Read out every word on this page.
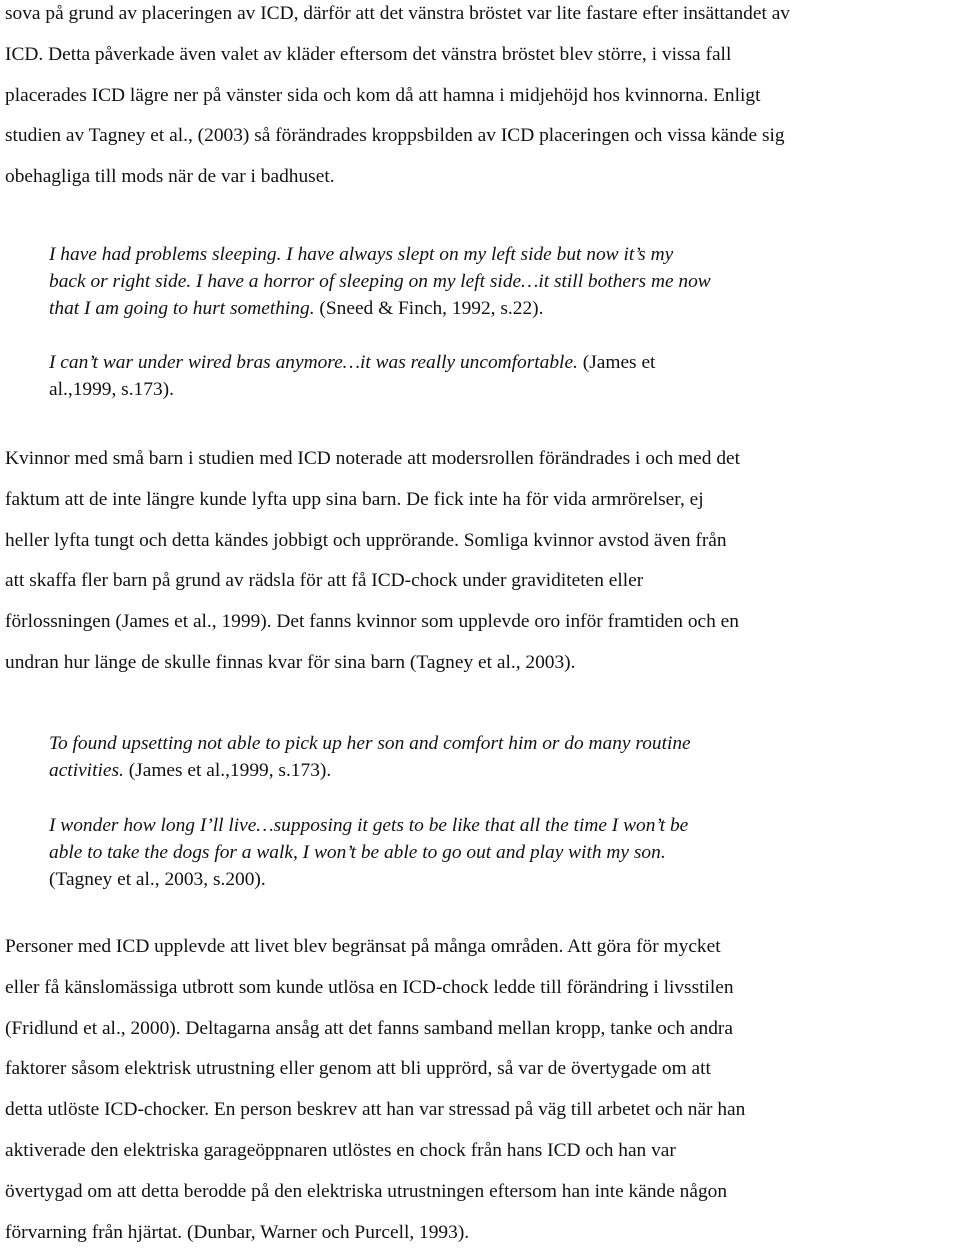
sova på grund av placeringen av ICD, därför att det vänstra bröstet var lite fastare efter insättandet av
ICD. Detta påverkade även valet av kläder eftersom det vänstra bröstet blev större, i vissa fall
placerades ICD lägre ner på vänster sida och kom då att hamna i midjehöjd hos kvinnorna. Enligt
studien av Tagney et al., (2003) så förändrades kroppsbilden av ICD placeringen och vissa kände sig
obehagliga till mods när de var i badhuset.
I have had problems sleeping. I have always slept on my left side but now it’s my
back or right side. I have a horror of sleeping on my left side…it still bothers me now
that I am going to hurt something. (Sneed & Finch, 1992, s.22).
I can’t war under wired bras anymore…it was really uncomfortable. (James et
al.,1999, s.173).
Kvinnor med små barn i studien med ICD noterade att modersrollen förändrades i och med det
faktum att de inte längre kunde lyfta upp sina barn. De fick inte ha för vida armrörelser, ej
heller lyfta tungt och detta kändes jobbigt och upprörande. Somliga kvinnor avstod även från
att skaffa fler barn på grund av rädsla för att få ICD-chock under graviditeten eller
förlossningen (James et al., 1999). Det fanns kvinnor som upplevde oro inför framtiden och en
undran hur länge de skulle finnas kvar för sina barn (Tagney et al., 2003).
To found upsetting not able to pick up her son and comfort him or do many routine
activities. (James et al.,1999, s.173).
I wonder how long I’ll live…supposing it gets to be like that all the time I won’t be
able to take the dogs for a walk, I won’t be able to go out and play with my son.
(Tagney et al., 2003, s.200).
Personer med ICD upplevde att livet blev begränsat på många områden. Att göra för mycket
eller få känslomässiga utbrott som kunde utlösa en ICD-chock ledde till förändring i livsstilen
(Fridlund et al., 2000). Deltagarna ansåg att det fanns samband mellan kropp, tanke och andra
faktorer såsom elektrisk utrustning eller genom att bli upprörd, så var de övertygade om att
detta utlöste ICD-chocker. En person beskrev att han var stressad på väg till arbetet och när han
aktiverade den elektriska garageöppnaren utlöstes en chock från hans ICD och han var
övertygad om att detta berodde på den elektriska utrustningen eftersom han inte kände någon
förvarning från hjärtat. (Dunbar, Warner och Purcell, 1993).
